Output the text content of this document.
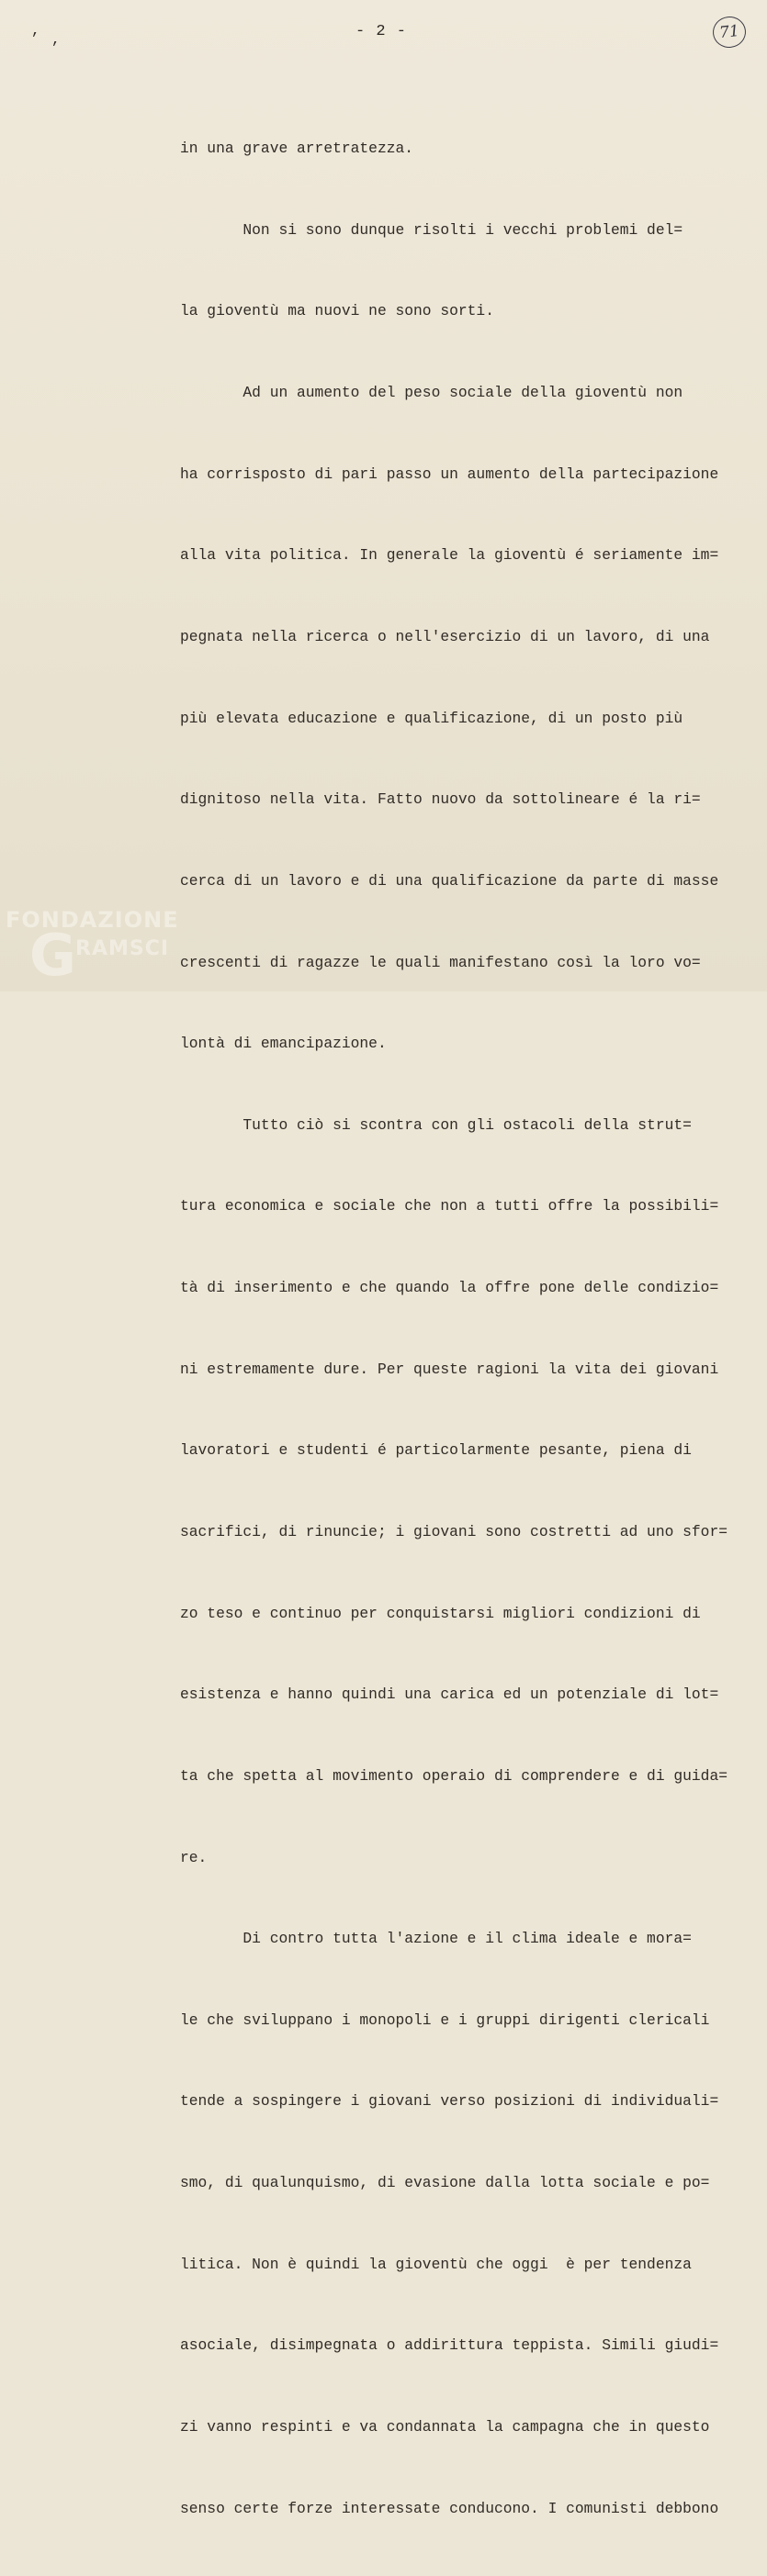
,
,	- 2 -	71

in una grave arretratezza.

Non si sono dunque risolti i vecchi problemi del=

la gioventù ma nuovi ne sono sorti.

Ad un aumento del peso sociale della gioventù non

ha corrisposto di pari passo un aumento della partecipazione

alla vita politica. In generale la gioventù é seriamente im=

pegnata nella ricerca o nell'esercizio di un lavoro, di una

più elevata educazione e qualificazione, di un posto più

dignitoso nella vita. Fatto nuovo da sottolineare é la ri=

cerca di un lavoro e di una qualificazione da parte di masse

crescenti di ragazze le quali manifestano così la loro vo=

lontà di emancipazione.

Tutto ciò si scontra con gli ostacoli della strut=

tura economica e sociale che non a tutti offre la possibili=

tà di inserimento e che quando la offre pone delle condizio=

ni estremamente dure. Per queste ragioni la vita dei giovani

lavoratori e studenti é particolarmente pesante, piena di

sacrifici, di rinuncie; i giovani sono costretti ad uno sfor=

zo teso e continuo per conquistarsi migliori condizioni di

esistenza e hanno quindi una carica ed un potenziale di lot=

ta che spetta al movimento operaio di comprendere e di guida=

re.

Di contro tutta l'azione e il clima ideale e mora=

le che sviluppano i monopoli e i gruppi dirigenti clericali

tende a sospingere i giovani verso posizioni di individuali=

smo, di qualunquismo, di evasione dalla lotta sociale e po=

litica. Non è quindi la gioventù che oggi  è per tendenza

asociale, disimpegnata o addirittura teppista. Simili giudi=

zi vanno respinti e va condannata la campagna che in questo

senso certe forze interessate conducono. I comunisti debbono

FONDAZIONE
G RAMSCI
